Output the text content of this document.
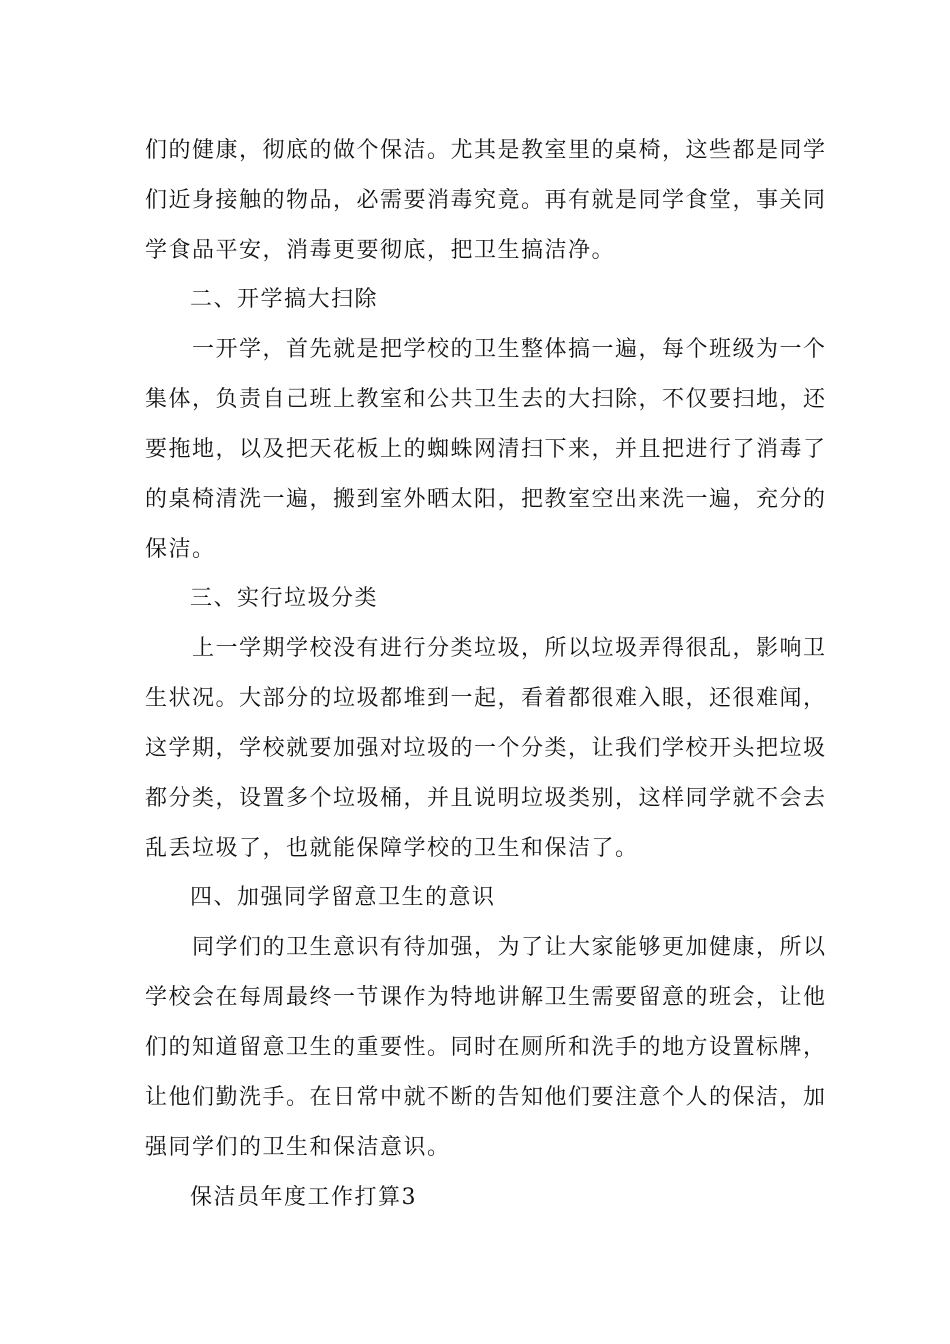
们的健康，彻底的做个保洁。尤其是教室里的桌椅，这些都是同学
们近身接触的物品，必需要消毒究竟。再有就是同学食堂，事关同
学食品平安，消毒更要彻底，把卫生搞洁净。
二、开学搞大扫除
一开学，首先就是把学校的卫生整体搞一遍，每个班级为一个
集体，负责自己班上教室和公共卫生去的大扫除，不仅要扫地，还
要拖地，以及把天花板上的蜘蛛网清扫下来，并且把进行了消毒了
的桌椅清洗一遍，搬到室外晒太阳，把教室空出来洗一遍，充分的
保洁。
三、实行垃圾分类
上一学期学校没有进行分类垃圾，所以垃圾弄得很乱，影响卫
生状况。大部分的垃圾都堆到一起，看着都很难入眼，还很难闻，
这学期，学校就要加强对垃圾的一个分类，让我们学校开头把垃圾
都分类，设置多个垃圾桶，并且说明垃圾类别，这样同学就不会去
乱丢垃圾了，也就能保障学校的卫生和保洁了。
四、加强同学留意卫生的意识
同学们的卫生意识有待加强，为了让大家能够更加健康，所以
学校会在每周最终一节课作为特地讲解卫生需要留意的班会，让他
们的知道留意卫生的重要性。同时在厕所和洗手的地方设置标牌，
让他们勤洗手。在日常中就不断的告知他们要注意个人的保洁，加
强同学们的卫生和保洁意识。
保洁员年度工作打算3
